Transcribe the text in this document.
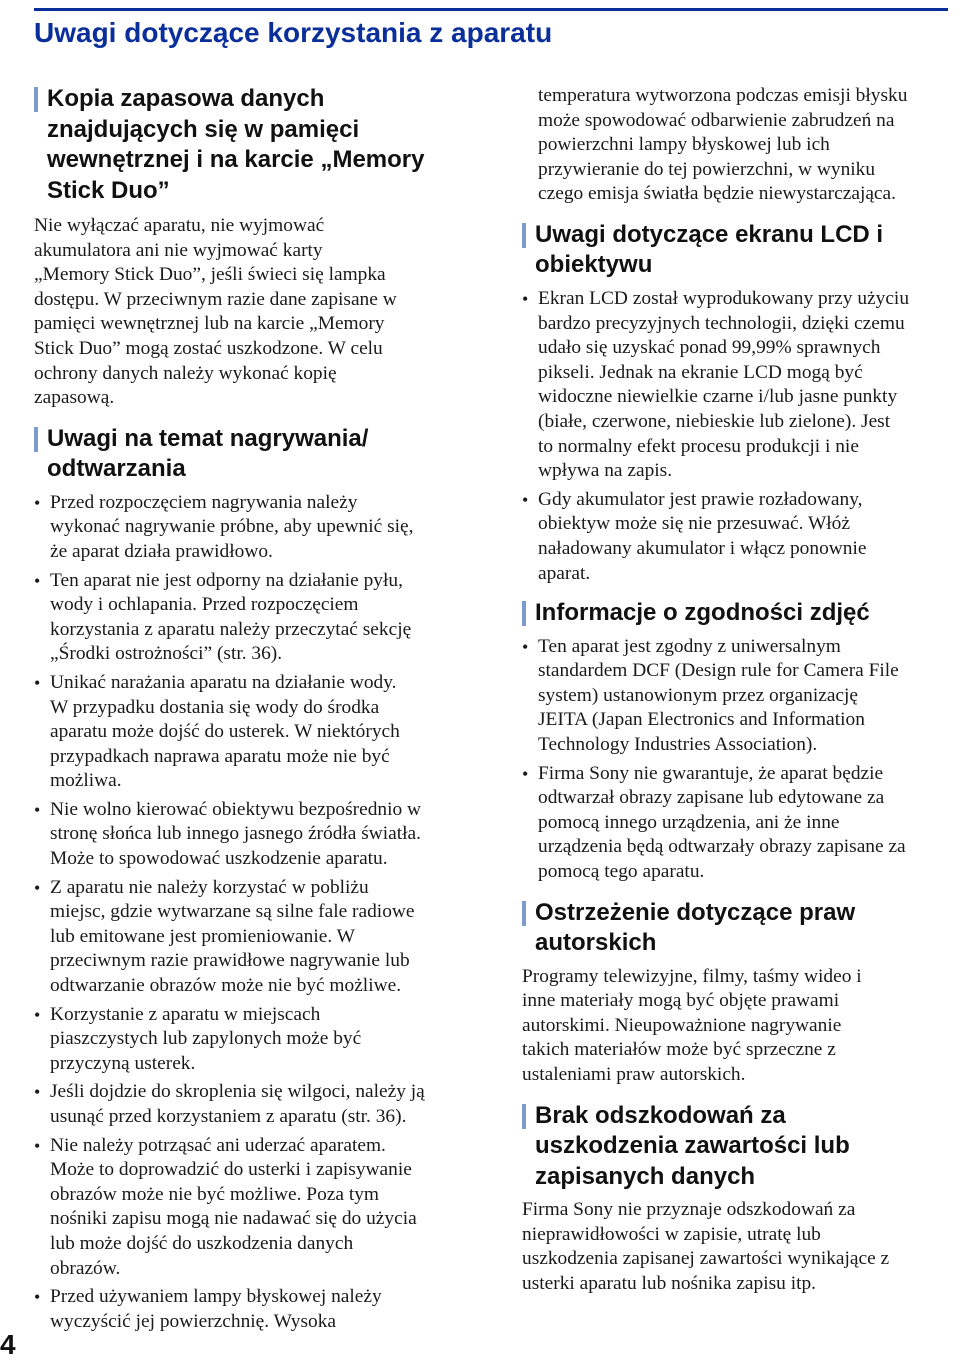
Uwagi dotyczące korzystania z aparatu
Kopia zapasowa danych
znajdujących się w pamięci
wewnętrznej i na karcie „Memory
Stick Duo”

Nie wyłączać aparatu, nie wyjmować
akumulatora ani nie wyjmować karty
„Memory Stick Duo”, jeśli świeci się lampka
dostępu. W przeciwnym razie dane zapisane w
pamięci wewnętrznej lub na karcie „Memory
Stick Duo” mogą zostać uszkodzone. W celu
ochrony danych należy wykonać kopię
zapasową.

Uwagi na temat nagrywania/
odtwarzania
• Przed rozpoczęciem nagrywania należy
wykonać nagrywanie próbne, aby upewnić się,
że aparat działa prawidłowo.
• Ten aparat nie jest odporny na działanie pyłu,
wody i ochlapania. Przed rozpoczęciem
korzystania z aparatu należy przeczytać sekcję
„Środki ostrożności” (str. 36).
• Unikać narażania aparatu na działanie wody.
W przypadku dostania się wody do środka
aparatu może dojść do usterek. W niektórych
przypadkach naprawa aparatu może nie być
możliwa.
• Nie wolno kierować obiektywu bezpośrednio w
stronę słońca lub innego jasnego źródła światła.
Może to spowodować uszkodzenie aparatu.
• Z aparatu nie należy korzystać w pobliżu
miejsc, gdzie wytwarzane są silne fale radiowe
lub emitowane jest promieniowanie. W
przeciwnym razie prawidłowe nagrywanie lub
odtwarzanie obrazów może nie być możliwe.
• Korzystanie z aparatu w miejscach
piaszczystych lub zapylonych może być
przyczyną usterek.
• Jeśli dojdzie do skroplenia się wilgoci, należy ją
usunąć przed korzystaniem z aparatu (str. 36).
• Nie należy potrząsać ani uderzać aparatem.
Może to doprowadzić do usterki i zapisywanie
obrazów może nie być możliwe. Poza tym
nośniki zapisu mogą nie nadawać się do użycia
lub może dojść do uszkodzenia danych
obrazów.
• Przed używaniem lampy błyskowej należy
wyczyścić jej powierzchnię. Wysoka

temperatura wytworzona podczas emisji błysku
może spowodować odbarwienie zabrudzeń na
powierzchni lampy błyskowej lub ich
przywieranie do tej powierzchni, w wyniku
czego emisja światła będzie niewystarczająca.

Uwagi dotyczące ekranu LCD i
obiektywu
• Ekran LCD został wyprodukowany przy użyciu
bardzo precyzyjnych technologii, dzięki czemu
udało się uzyskać ponad 99,99% sprawnych
pikseli. Jednak na ekranie LCD mogą być
widoczne niewielkie czarne i/lub jasne punkty
(białe, czerwone, niebieskie lub zielone). Jest
to normalny efekt procesu produkcji i nie
wpływa na zapis.
• Gdy akumulator jest prawie rozładowany,
obiektyw może się nie przesuwać. Włóż
naładowany akumulator i włącz ponownie
aparat.
Informacje o zgodności zdjęć
• Ten aparat jest zgodny z uniwersalnym
standardem DCF (Design rule for Camera File
system) ustanowionym przez organizację
JEITA (Japan Electronics and Information
Technology Industries Association).
• Firma Sony nie gwarantuje, że aparat będzie
odtwarzał obrazy zapisane lub edytowane za
pomocą innego urządzenia, ani że inne
urządzenia będą odtwarzały obrazy zapisane za
pomocą tego aparatu.
Ostrzeżenie dotyczące praw
autorskich

Programy telewizyjne, filmy, taśmy wideo i
inne materiały mogą być objęte prawami
autorskimi. Nieupoważnione nagrywanie
takich materiałów może być sprzeczne z
ustaleniami praw autorskich.

Brak odszkodowań za
uszkodzenia zawartości lub
zapisanych danych

Firma Sony nie przyznaje odszkodowań za
nieprawidłowości w zapisie, utratę lub
uszkodzenia zapisanej zawartości wynikające z
usterki aparatu lub nośnika zapisu itp.

4
